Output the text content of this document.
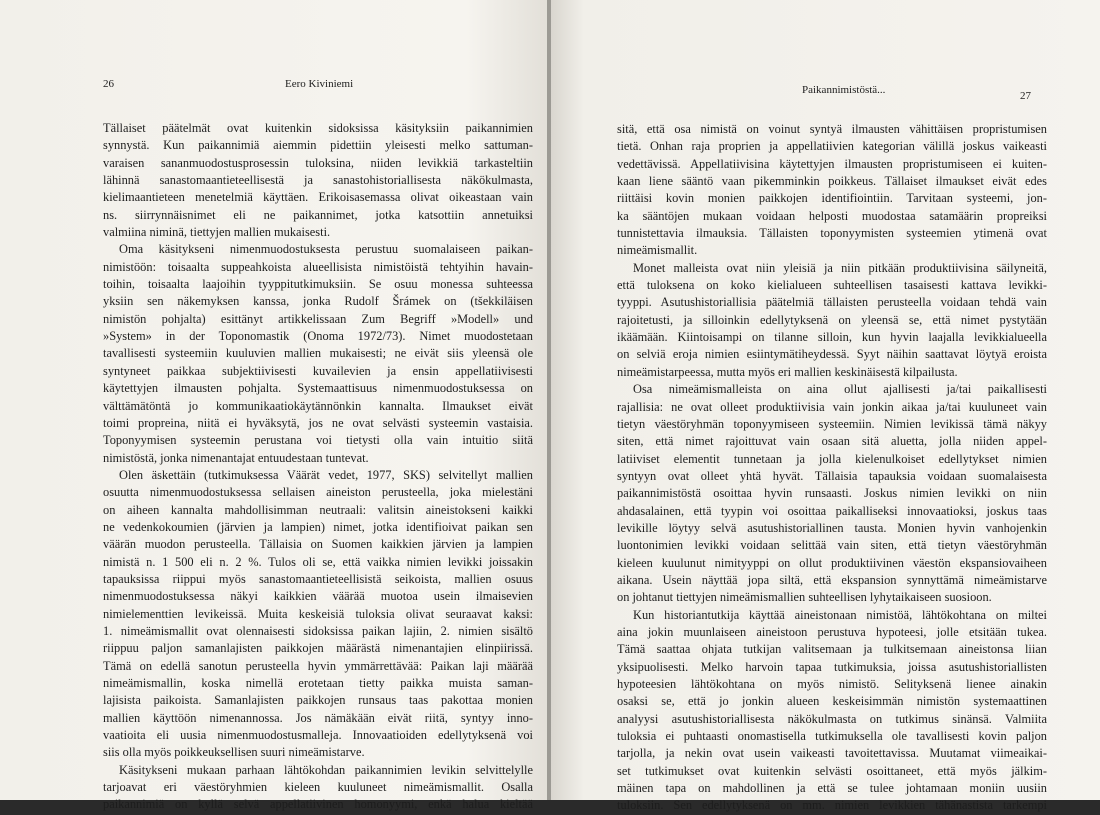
26	Eero Kiviniemi
Tällaiset päätelmät ovat kuitenkin sidoksissa käsityksiin paikannimien
synnystä. Kun paikannimiä aiemmin pidettiin yleisesti melko sattuman-
varaisen sananmuodostusprosessin tuloksina, niiden levikkiä tarkasteltiin
lähinnä sanastomaantieteellisestä ja sanastohistoriallisesta näkökulmasta,
kielimaantieteen menetelmiä käyttäen. Erikoisasemassa olivat oikeastaan vain
ns. siirrynnäisnimet eli ne paikannimet, jotka katsottiin annetuiksi
valmiina niminä, tiettyjen mallien mukaisesti.
Oma käsitykseni nimenmuodostuksesta perustuu suomalaiseen paikan-
nimistöön: toisaalta suppeahkoista alueellisista nimistöistä tehtyihin havain-
toihin, toisaalta laajoihin tyyppitutkimuksiin. Se osuu monessa suhteessa
yksiin sen näkemyksen kanssa, jonka Rudolf Šrámek on (tšekkiläisen
nimistön pohjalta) esittänyt artikkelissaan Zum Begriff »Modell» und
»System» in der Toponomastik (Onoma 1972/73). Nimet muodostetaan
tavallisesti systeemiin kuuluvien mallien mukaisesti; ne eivät siis yleensä ole
syntyneet paikkaa subjektiivisesti kuvailevien ja ensin appellatiivisesti
käytettyjen ilmausten pohjalta. Systemaattisuus nimenmuodostuksessa on
välttämätöntä jo kommunikaatiokäytännönkin kannalta. Ilmaukset eivät
toimi propreina, niitä ei hyväksytä, jos ne ovat selvästi systeemin vastaisia.
Toponyymisen systeemin perustana voi tietysti olla vain intuitio siitä
nimistöstä, jonka nimenantajat entuudestaan tuntevat.
Olen äskettäin (tutkimuksessa Väärät vedet, 1977, SKS) selvitellyt mallien
osuutta nimenmuodostuksessa sellaisen aineiston perusteella, joka mielestäni
on aiheen kannalta mahdollisimman neutraali: valitsin aineistokseni kaikki
ne vedenkokoumien (järvien ja lampien) nimet, jotka identifioivat paikan sen
väärän muodon perusteella. Tällaisia on Suomen kaikkien järvien ja lampien
nimistä n. 1 500 eli n. 2 %. Tulos oli se, että vaikka nimien levikki joissakin
tapauksissa riippui myös sanastomaantieteellisistä seikoista, mallien osuus
nimenmuodostuksessa näkyi kaikkien väärää muotoa usein ilmaisevien
nimielementtien levikeissä. Muita keskeisiä tuloksia olivat seuraavat kaksi:
1. nimeämismallit ovat olennaisesti sidoksissa paikan lajiin, 2. nimien sisältö
riippuu paljon samanlajisten paikkojen määrästä nimenantajien elinpiirissä.
Tämä on edellä sanotun perusteella hyvin ymmärrettävää: Paikan laji määrää
nimeämismallin, koska nimellä erotetaan tietty paikka muista saman-
lajisista paikoista. Samanlajisten paikkojen runsaus taas pakottaa monien
mallien käyttöön nimenannossa. Jos nämäkään eivät riitä, syntyy inno-
vaatioita eli uusia nimenmuodostusmalleja. Innovaatioiden edellytyksenä voi
siis olla myös poikkeuksellisen suuri nimeämistarve.
Käsitykseni mukaan parhaan lähtökohdan paikannimien levikin selvittelylle
tarjoavat eri väestöryhmien kieleen kuuluneet nimeämismallit. Osalla
paikannimiä on kyllä selvä appellatiivinen homonyymi, enkä halua kieltää
Paikannimistöstä...	27
sitä, että osa nimistä on voinut syntyä ilmausten vähittäisen propristumisen
tietä. Onhan raja proprien ja appellatiivien kategorian välillä joskus vaikeasti
vedettävissä. Appellatiivisina käytettyjen ilmausten propristumiseen ei kuiten-
kaan liene sääntö vaan pikemminkin poikkeus. Tällaiset ilmaukset eivät edes
riittäisi kovin monien paikkojen identifiointiin. Tarvitaan systeemi, jon-
ka sääntöjen mukaan voidaan helposti muodostaa satamäärin propreiksi
tunnistettavia ilmauksia. Tällaisten toponyymisten systeemien ytimenä ovat
nimeämismallit.
Monet malleista ovat niin yleisiä ja niin pitkään produktiivisina säilyneitä,
että tuloksena on koko kielialueen suhteellisen tasaisesti kattava levikki-
tyyppi. Asutushistoriallisia päätelmiä tällaisten perusteella voidaan tehdä vain
rajoitetusti, ja silloinkin edellytyksenä on yleensä se, että nimet pystytään
ikäämään. Kiintoisampi on tilanne silloin, kun hyvin laajalla levikkialueella
on selviä eroja nimien esiintymätiheydessä. Syyt näihin saattavat löytyä eroista
nimeämistarpeessa, mutta myös eri mallien keskinäisestä kilpailusta.
Osa nimeämismalleista on aina ollut ajallisesti ja/tai paikallisesti
rajallisia: ne ovat olleet produktiivisia vain jonkin aikaa ja/tai kuuluneet vain
tietyn väestöryhmän toponyymiseen systeemiin. Nimien levikissä tämä näkyy
siten, että nimet rajoittuvat vain osaan sitä aluetta, jolla niiden appel-
latiiviset elementit tunnetaan ja jolla kielenulkoiset edellytykset nimien
syntyyn ovat olleet yhtä hyvät. Tällaisia tapauksia voidaan suomalaisesta
paikannimistöstä osoittaa hyvin runsaasti. Joskus nimien levikki on niin
ahdasalainen, että tyypin voi osoittaa paikalliseksi innovaatioksi, joskus taas
levikille löytyy selvä asutushistoriallinen tausta. Monien hyvin vanhojenkin
luontonimien levikki voidaan selittää vain siten, että tietyn väestöryhmän
kieleen kuulunut nimityyppi on ollut produktiivinen väestön ekspansiovaiheen
aikana. Usein näyttää jopa siltä, että ekspansion synnyttämä nimeämistarve
on johtanut tiettyjen nimeämismallien suhteellisen lyhytaikaiseen suosioon.
Kun historiantutkija käyttää aineistonaan nimistöä, lähtökohtana on miltei
aina jokin muunlaiseen aineistoon perustuva hypoteesi, jolle etsitään tukea.
Tämä saattaa ohjata tutkijan valitsemaan ja tulkitsemaan aineistonsa liian
yksipuolisesti. Melko harvoin tapaa tutkimuksia, joissa asutushistoriallisten
hypoteesien lähtökohtana on myös nimistö. Selityksenä lienee ainakin
osaksi se, että jo jonkin alueen keskeisimmän nimistön systemaattinen
analyysi asutushistoriallisesta näkökulmasta on tutkimus sinänsä. Valmiita
tuloksia ei puhtaasti onomastisella tutkimuksella ole tavallisesti kovin paljon
tarjolla, ja nekin ovat usein vaikeasti tavoitettavissa. Muutamat viimeaikai-
set tutkimukset ovat kuitenkin selvästi osoittaneet, että myös jälkim-
mäinen tapa on mahdollinen ja että se tulee johtamaan moniin uusiin
tuloksiin. Sen edellytyksenä on mm. nimien levikkien tähänastista tarkempi
